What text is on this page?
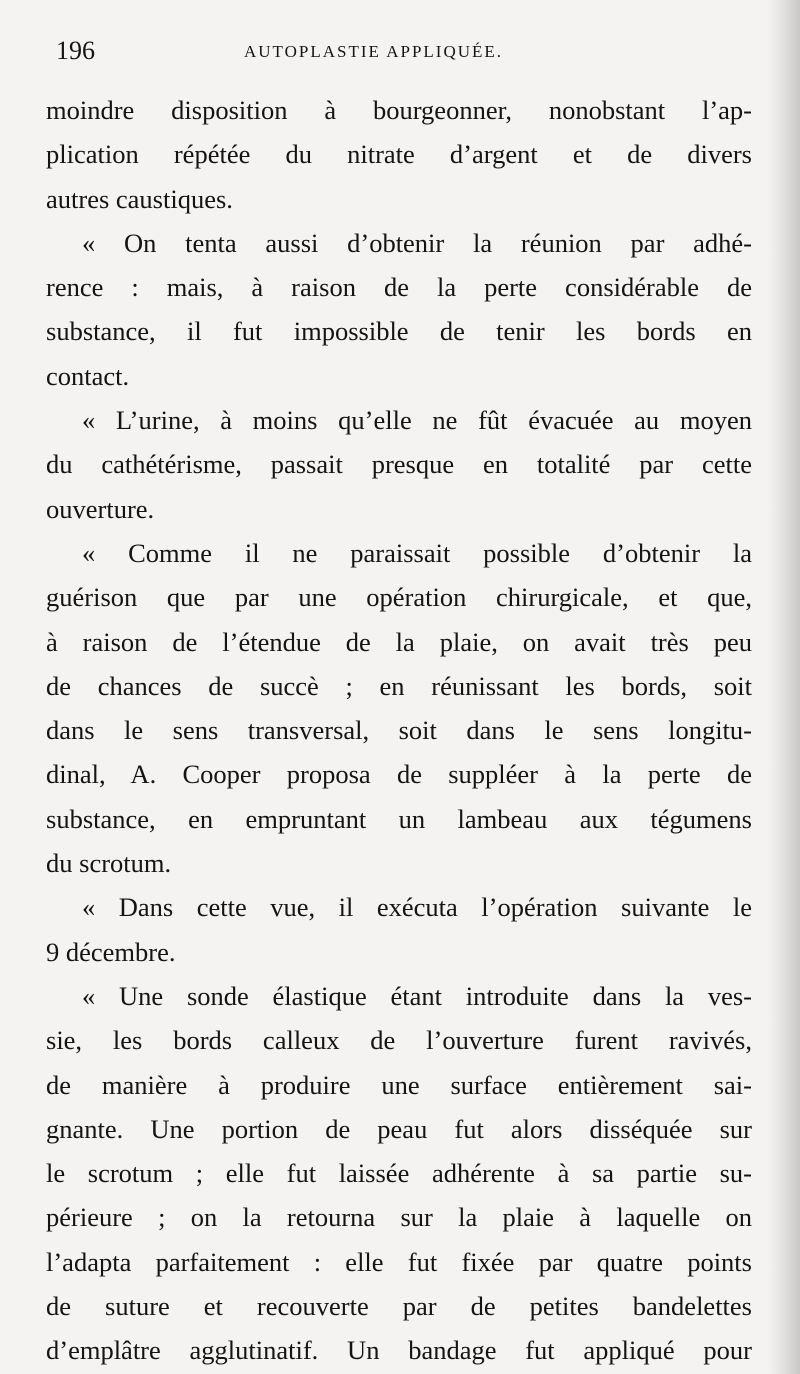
196	AUTOPLASTIE APPLIQUÉE.
moindre disposition à bourgeonner, nonobstant l’ap-
plication répétée du nitrate d’argent et de divers
autres caustiques.
« On tenta aussi d’obtenir la réunion par adhé-
rence : mais, à raison de la perte considérable de
substance, il fut impossible de tenir les bords en
contact.
« L’urine, à moins qu’elle ne fût évacuée au moyen
du cathétérisme, passait presque en totalité par cette
ouverture.
« Comme il ne paraissait possible d’obtenir la
guérison que par une opération chirurgicale, et que,
à raison de l’étendue de la plaie, on avait très peu
de chances de succè ; en réunissant les bords, soit
dans le sens transversal, soit dans le sens longitu-
dinal, A. Cooper proposa de suppléer à la perte de
substance, en empruntant un lambeau aux tégumens
du scrotum.
« Dans cette vue, il exécuta l’opération suivante le
9 décembre.
« Une sonde élastique étant introduite dans la ves-
sie, les bords calleux de l’ouverture furent ravivés,
de manière à produire une surface entièrement sai-
gnante. Une portion de peau fut alors disséquée sur
le scrotum ; elle fut laissée adhérente à sa partie su-
périeure ; on la retourna sur la plaie à laquelle on
l’adapta parfaitement : elle fut fixée par quatre points
de suture et recouverte par de petites bandelettes
d’emplâtre agglutinatif. Un bandage fut appliqué pour
